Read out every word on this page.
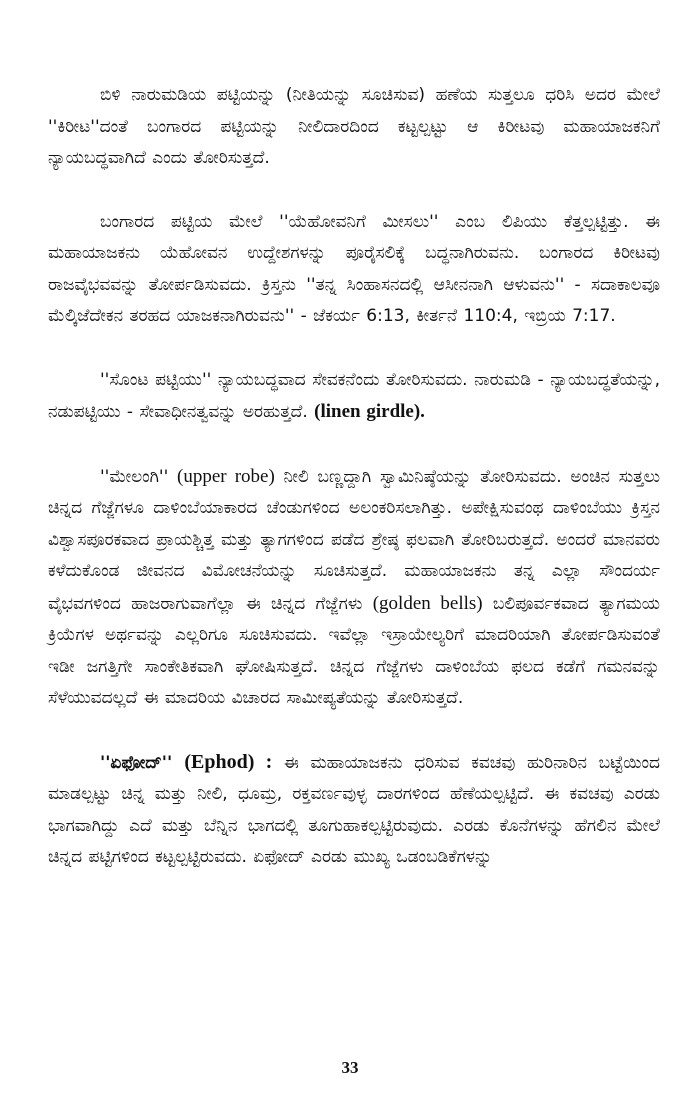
ಬಿಳಿ ನಾರುಮಡಿಯ ಪಟ್ಟಿಯನ್ನು (ನೀತಿಯನ್ನು ಸೂಚಿಸುವ) ಹಣೆಯ ಸುತ್ತಲೂ ಧರಿಸಿ ಅದರ ಮೇಲೆ ''ಕಿರೀಟ''ದಂತೆ ಬಂಗಾರದ ಪಟ್ಟಿಯನ್ನು ನೀಲಿದಾರದಿಂದ ಕಟ್ಟಲ್ಪಟ್ಟು ಆ ಕಿರೀಟವು ಮಹಾಯಾಜಕನಿಗೆ ನ್ಯಾಯಬದ್ಧವಾಗಿದೆ ಎಂದು ತೋರಿಸುತ್ತದೆ.

ಬಂಗಾರದ ಪಟ್ಟಿಯ ಮೇಲೆ ''ಯೆಹೋವನಿಗೆ ಮೀಸಲು'' ಎಂಬ ಲಿಪಿಯು ಕೆತ್ತಲ್ಪಟ್ಟಿತ್ತು. ಈ ಮಹಾಯಾಜಕನು ಯೆಹೋವನ ಉದ್ದೇಶಗಳನ್ನು ಪೂರೈಸಲಿಕ್ಕೆ ಬದ್ಧನಾಗಿರುವನು. ಬಂಗಾರದ ಕಿರೀಟವು ರಾಜವೈಭವವನ್ನು ತೋರ್ಪಡಿಸುವದು. ಕ್ರಿಸ್ತನು ''ತನ್ನ ಸಿಂಹಾಸನದಲ್ಲಿ ಆಸೀನನಾಗಿ ಆಳುವನು'' - ಸದಾಕಾಲವೂ ಮೆಲ್ಕಿಜೆದೇಕನ ತರಹದ ಯಾಜಕನಾಗಿರುವನು'' - ಜೆಕರ್ಯ 6:13, ಕೀರ್ತನೆ 110:4, ಇಬ್ರಿಯ 7:17.

''ಸೊಂಟ ಪಟ್ಟಿಯು'' ನ್ಯಾಯಬದ್ಧವಾದ ಸೇವಕನೆಂದು ತೋರಿಸುವದು. ನಾರುಮಡಿ - ನ್ಯಾಯಬದ್ಧತೆಯನ್ನು, ನಡುಪಟ್ಟಿಯು - ಸೇವಾಧೀನತ್ವವನ್ನು ಅರಹುತ್ತದೆ. (linen girdle).

''ಮೇಲಂಗಿ'' (upper robe) ನೀಲಿ ಬಣ್ಣದ್ದಾಗಿ ಸ್ವಾಮಿನಿಷ್ಠೆಯನ್ನು ತೋರಿಸುವದು. ಅಂಚಿನ ಸುತ್ತಲು ಚಿನ್ನದ ಗೆಜ್ಜೆಗಳೂ ದಾಳಿಂಬೆಯಾಕಾರದ ಚೆಂಡುಗಳಿಂದ ಅಲಂಕರಿಸಲಾಗಿತ್ತು. ಅಪೇಕ್ಷಿಸುವಂಥ ದಾಳಿಂಬೆಯು ಕ್ರಿಸ್ತನ ವಿಶ್ವಾಸಪೂರಕವಾದ ಪ್ರಾಯಶ್ಚಿತ್ತ ಮತ್ತು ತ್ಯಾಗಗಳಿಂದ ಪಡೆದ ಶ್ರೇಷ್ಠ ಫಲವಾಗಿ ತೋರಿಬರುತ್ತದೆ. ಅಂದರೆ ಮಾನವರು ಕಳೆದುಕೊಂಡ ಜೀವನದ ವಿಮೋಚನೆಯನ್ನು ಸೂಚಿಸುತ್ತದೆ. ಮಹಾಯಾಜಕನು ತನ್ನ ಎಲ್ಲಾ ಸೌಂದರ್ಯ ವೈಭವಗಳಿಂದ ಹಾಜರಾಗುವಾಗೆಲ್ಲಾ ಈ ಚಿನ್ನದ ಗೆಜ್ಜೆಗಳು (golden bells) ಬಲಿಪೂರ್ವಕವಾದ ತ್ಯಾಗಮಯ ಕ್ರಿಯೆಗಳ ಅರ್ಥವನ್ನು ಎಲ್ಲರಿಗೂ ಸೂಚಿಸುವದು. ಇವೆಲ್ಲಾ ಇಸ್ರಾಯೇಲ್ಯರಿಗೆ ಮಾದರಿಯಾಗಿ ತೋರ್ಪಡಿಸುವಂತೆ ಇಡೀ ಜಗತ್ತಿಗೇ ಸಾಂಕೇತಿಕವಾಗಿ ಘೋಷಿಸುತ್ತದೆ. ಚಿನ್ನದ ಗೆಜ್ಜೆಗಳು ದಾಳಿಂಬೆಯ ಫಲದ ಕಡೆಗೆ ಗಮನವನ್ನು ಸೆಳೆಯುವದಲ್ಲದೆ ಈ ಮಾದರಿಯ ವಿಚಾರದ ಸಾಮೀಪ್ಯತೆಯನ್ನು ತೋರಿಸುತ್ತದೆ.

''ಏಫೋದ್'' (Ephod) : ಈ ಮಹಾಯಾಜಕನು ಧರಿಸುವ ಕವಚವು ಹುರಿನಾರಿನ ಬಟ್ಟೆಯಿಂದ ಮಾಡಲ್ಪಟ್ಟು ಚಿನ್ನ ಮತ್ತು ನೀಲಿ, ಧೂಮ್ರ, ರಕ್ತವರ್ಣವುಳ್ಳ ದಾರಗಳಿಂದ ಹೆಣೆಯಲ್ಪಟ್ಟಿದೆ. ಈ ಕವಚವು ಎರಡು ಭಾಗವಾಗಿದ್ದು ಎದೆ ಮತ್ತು ಬೆನ್ನಿನ ಭಾಗದಲ್ಲಿ ತೂಗುಹಾಕಲ್ಪಟ್ಟಿರುವುದು. ಎರಡು ಕೊನೆಗಳನ್ನು ಹೆಗಲಿನ ಮೇಲೆ ಚಿನ್ನದ ಪಟ್ಟಿಗಳಿಂದ ಕಟ್ಟಲ್ಪಟ್ಟಿರುವದು. ಏಫೋದ್ ಎರಡು ಮುಖ್ಯ ಒಡಂಬಡಿಕೆಗಳನ್ನು

33
